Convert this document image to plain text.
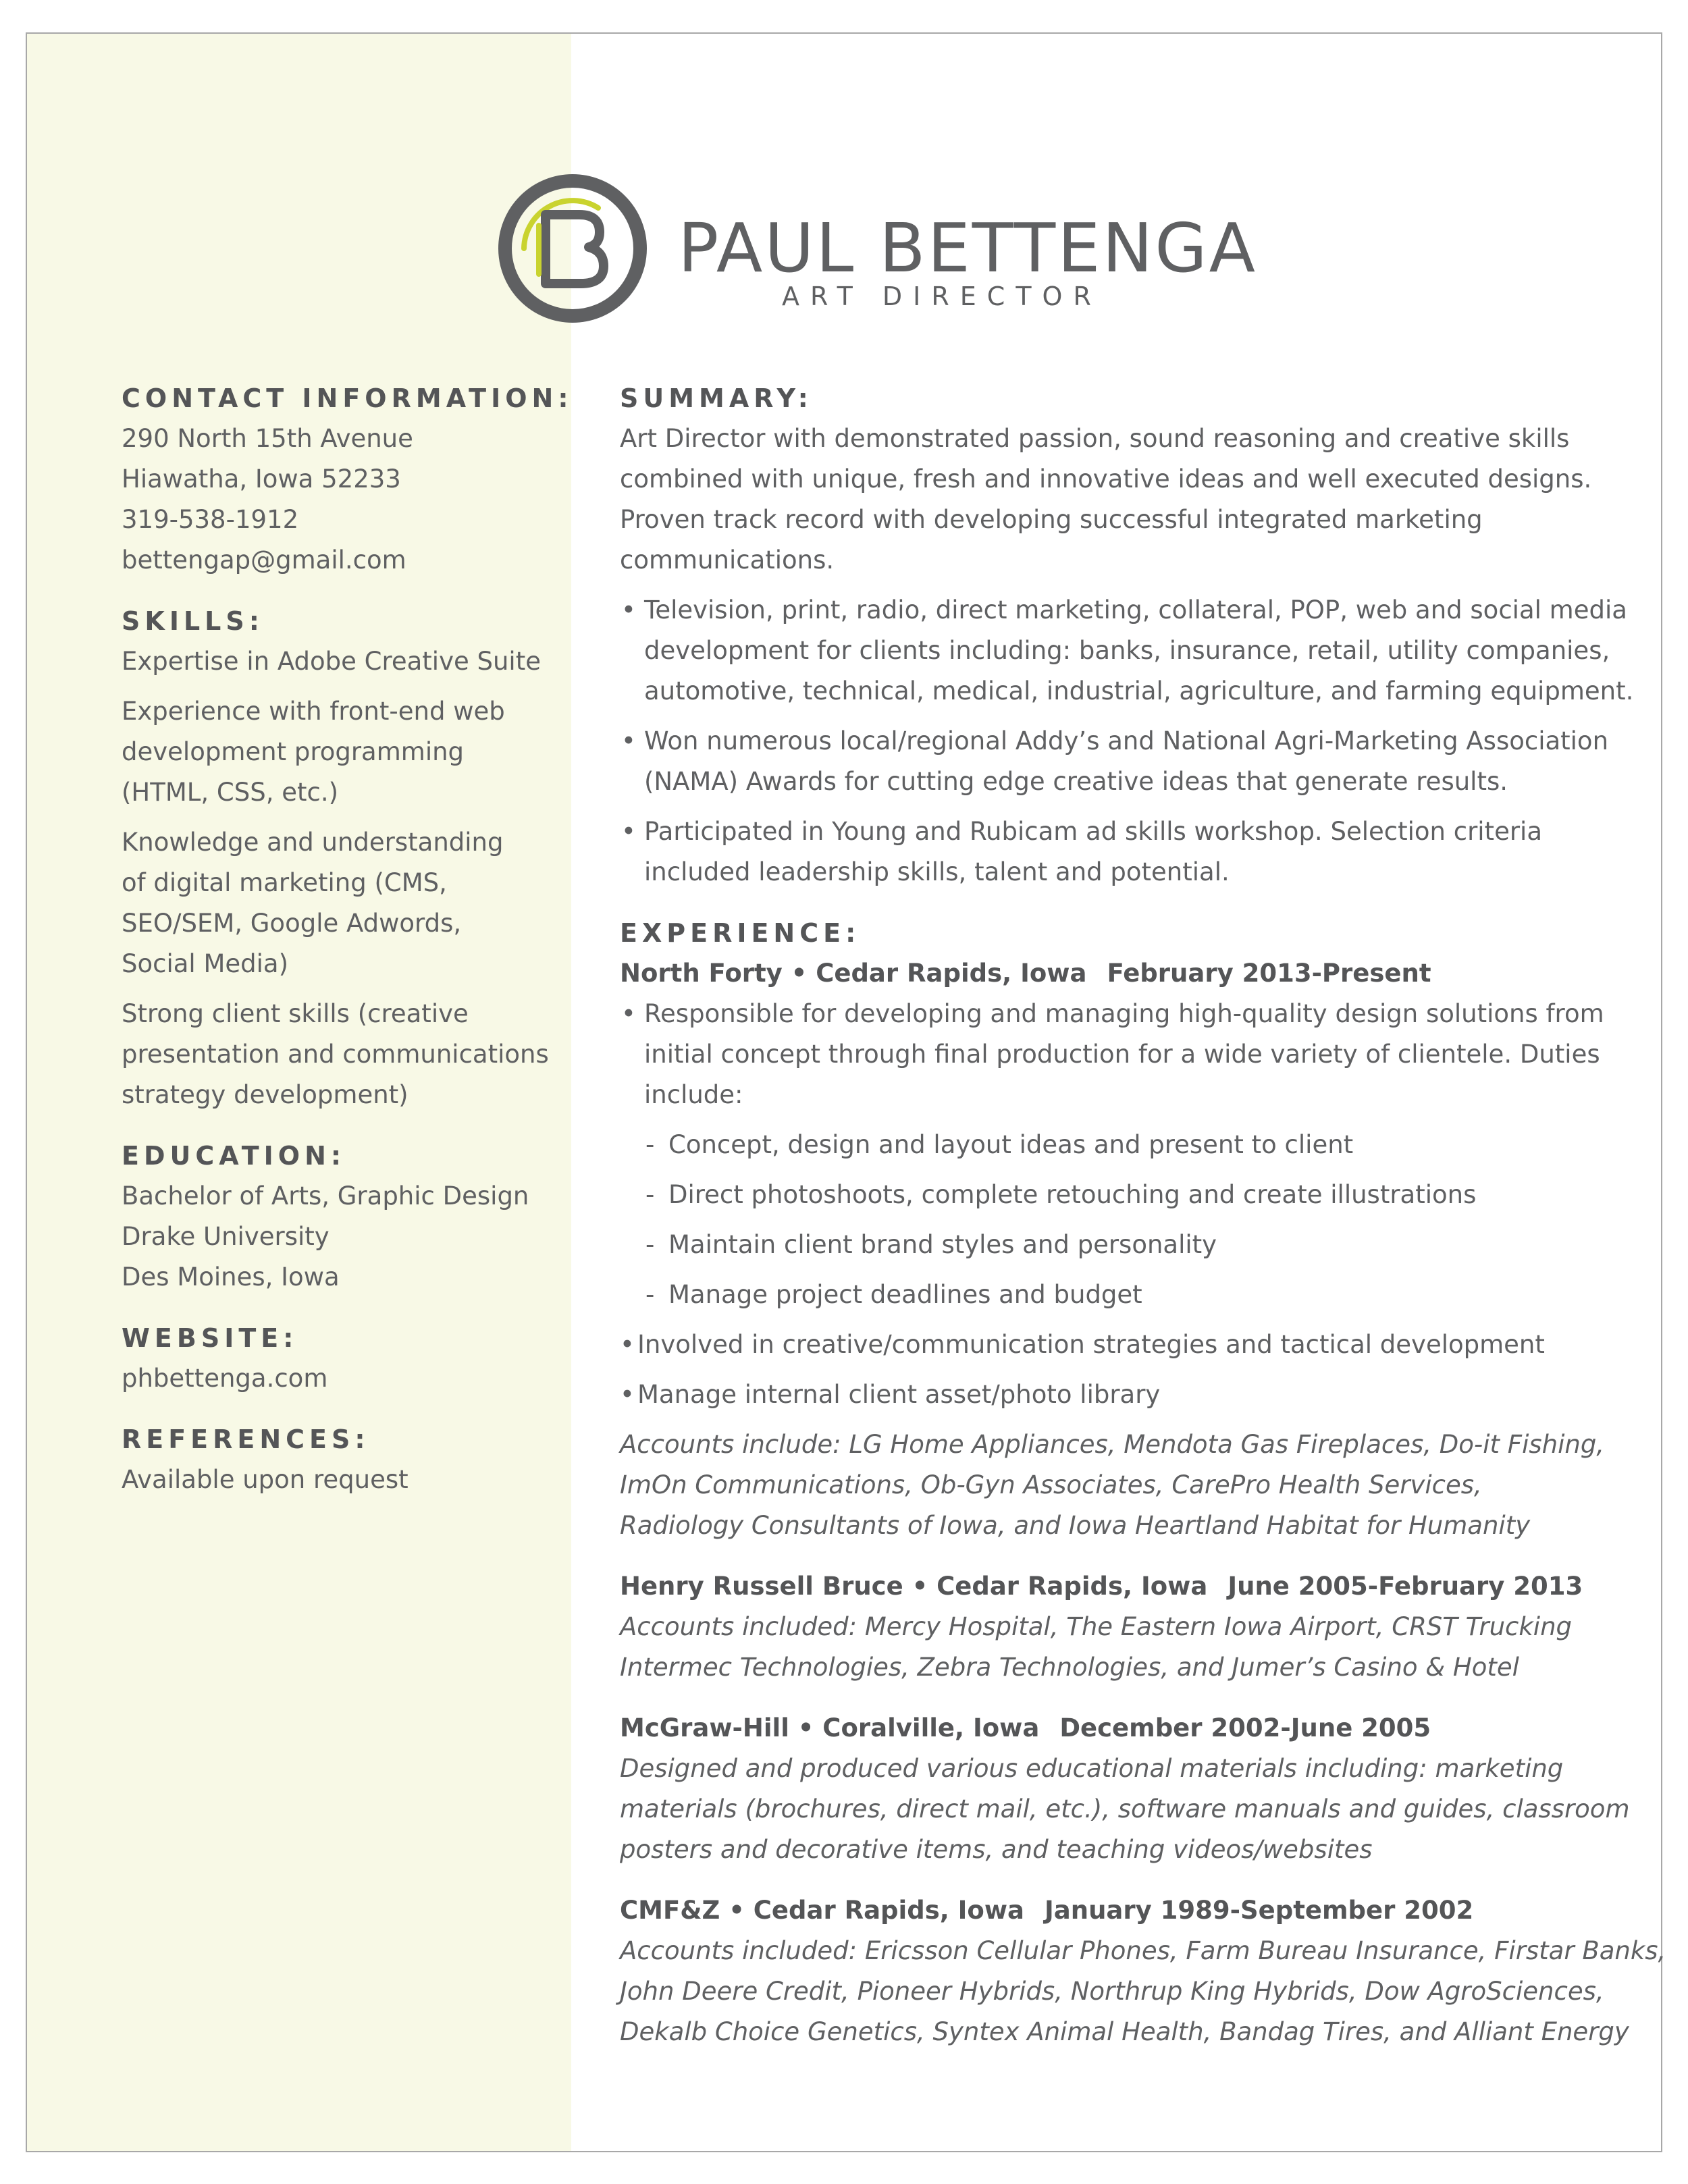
B PAUL BETTENGA
ART DIRECTOR
CONTACT INFORMATION:
290 North 15th Avenue
Hiawatha, Iowa 52233
319-538-1912
bettengap@gmail.com
SKILLS:
Expertise in Adobe Creative Suite
Experience with front-end web
development programming
(HTML, CSS, etc.)
Knowledge and understanding
of digital marketing (CMS,
SEO/SEM, Google Adwords,
Social Media)
Strong client skills (creative
presentation and communications
strategy development)
EDUCATION:
Bachelor of Arts, Graphic Design
Drake University
Des Moines, Iowa
WEBSITE:
phbettenga.com
REFERENCES:
Available upon request
SUMMARY:
Art Director with demonstrated passion, sound reasoning and creative skills
combined with unique, fresh and innovative ideas and well executed designs.
Proven track record with developing successful integrated marketing
communications.
• Television, print, radio, direct marketing, collateral, POP, web and social media
development for clients including: banks, insurance, retail, utility companies,
automotive, technical, medical, industrial, agriculture, and farming equipment.
• Won numerous local/regional Addy’s and National Agri-Marketing Association
(NAMA) Awards for cutting edge creative ideas that generate results.
• Participated in Young and Rubicam ad skills workshop. Selection criteria
included leadership skills, talent and potential.
EXPERIENCE:
North Forty • Cedar Rapids, Iowa February 2013-Present
• Responsible for developing and managing high-quality design solutions from
initial concept through final production for a wide variety of clientele. Duties
include:
- Concept, design and layout ideas and present to client
- Direct photoshoots, complete retouching and create illustrations
- Maintain client brand styles and personality
- Manage project deadlines and budget
• Involved in creative/communication strategies and tactical development
• Manage internal client asset/photo library
Accounts include: LG Home Appliances, Mendota Gas Fireplaces, Do-it Fishing,
ImOn Communications, Ob-Gyn Associates, CarePro Health Services,
Radiology Consultants of Iowa, and Iowa Heartland Habitat for Humanity
Henry Russell Bruce • Cedar Rapids, Iowa June 2005-February 2013
Accounts included: Mercy Hospital, The Eastern Iowa Airport, CRST Trucking
Intermec Technologies, Zebra Technologies, and Jumer’s Casino & Hotel
McGraw-Hill • Coralville, Iowa December 2002-June 2005
Designed and produced various educational materials including: marketing
materials (brochures, direct mail, etc.), software manuals and guides, classroom
posters and decorative items, and teaching videos/websites
CMF&Z • Cedar Rapids, Iowa January 1989-September 2002
Accounts included: Ericsson Cellular Phones, Farm Bureau Insurance, Firstar Banks,
John Deere Credit, Pioneer Hybrids, Northrup King Hybrids, Dow AgroSciences,
Dekalb Choice Genetics, Syntex Animal Health, Bandag Tires, and Alliant Energy
